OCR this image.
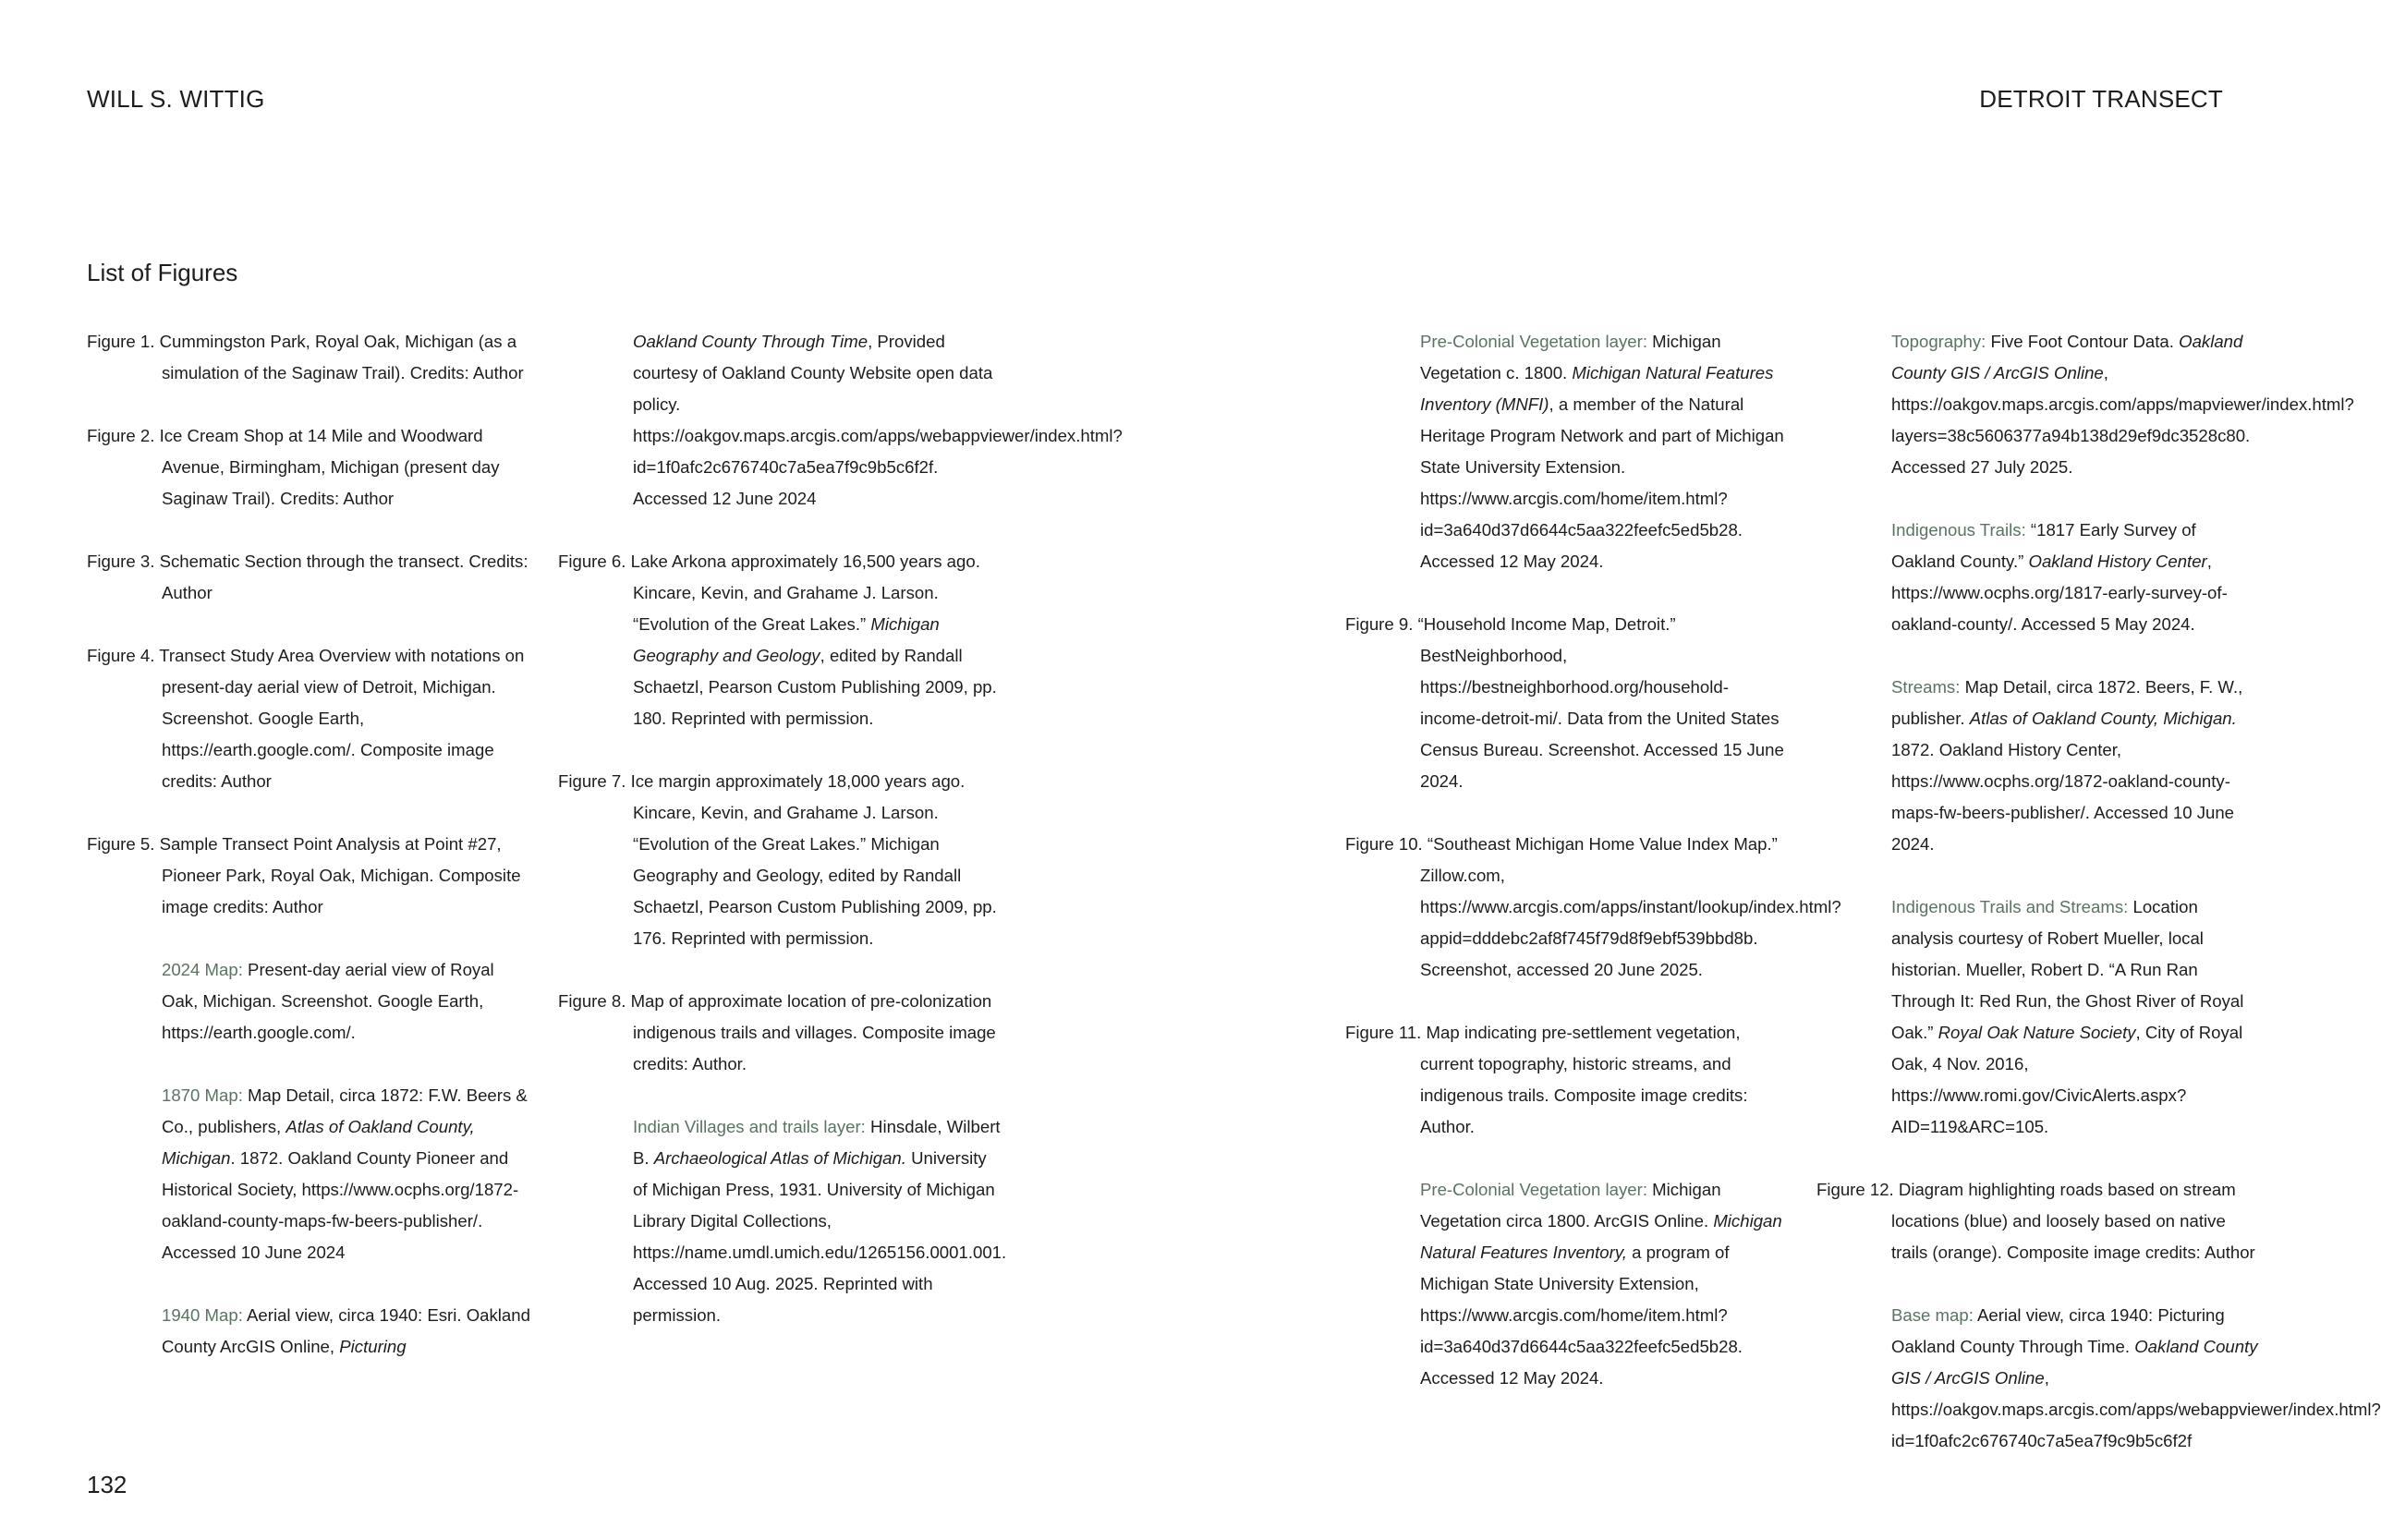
WILL S. WITTIG	DETROIT TRANSECT
List of Figures
Figure 1. Cummingston Park, Royal Oak, Michigan (as a simulation of the Saginaw Trail). Credits: Author
Figure 2. Ice Cream Shop at 14 Mile and Woodward Avenue, Birmingham, Michigan (present day Saginaw Trail). Credits: Author
Figure 3. Schematic Section through the transect. Credits: Author
Figure 4. Transect Study Area Overview with notations on present-day aerial view of Detroit, Michigan. Screenshot. Google Earth, https://earth.google.com/. Composite image credits: Author
Figure 5. Sample Transect Point Analysis at Point #27, Pioneer Park, Royal Oak, Michigan. Composite image credits: Author
2024 Map: Present-day aerial view of Royal Oak, Michigan. Screenshot. Google Earth, https://earth.google.com/.
1870 Map: Map Detail, circa 1872: F.W. Beers & Co., publishers, Atlas of Oakland County, Michigan. 1872. Oakland County Pioneer and Historical Society, https://www.ocphs.org/1872-oakland-county-maps-fw-beers-publisher/. Accessed 10 June 2024
1940 Map: Aerial view, circa 1940: Esri. Oakland County ArcGIS Online, Picturing
Oakland County Through Time, Provided courtesy of Oakland County Website open data policy. https://oakgov.maps.arcgis.com/apps/webappviewer/index.html?id=1f0afc2c676740c7a5ea7f9c9b5c6f2f. Accessed 12 June 2024
Figure 6. Lake Arkona approximately 16,500 years ago. Kincare, Kevin, and Grahame J. Larson. “Evolution of the Great Lakes.” Michigan Geography and Geology, edited by Randall Schaetzl, Pearson Custom Publishing 2009, pp. 180. Reprinted with permission.
Figure 7. Ice margin approximately 18,000 years ago. Kincare, Kevin, and Grahame J. Larson. “Evolution of the Great Lakes.” Michigan Geography and Geology, edited by Randall Schaetzl, Pearson Custom Publishing 2009, pp. 176. Reprinted with permission.
Figure 8. Map of approximate location of pre-colonization indigenous trails and villages. Composite image credits: Author.
Indian Villages and trails layer: Hinsdale, Wilbert B. Archaeological Atlas of Michigan. University of Michigan Press, 1931. University of Michigan Library Digital Collections, https://name.umdl.umich.edu/1265156.0001.001. Accessed 10 Aug. 2025. Reprinted with permission.
Pre-Colonial Vegetation layer: Michigan Vegetation c. 1800. Michigan Natural Features Inventory (MNFI), a member of the Natural Heritage Program Network and part of Michigan State University Extension. https://www.arcgis.com/home/item.html?id=3a640d37d6644c5aa322feefc5ed5b28. Accessed 12 May 2024.
Figure 9. “Household Income Map, Detroit.” BestNeighborhood, https://bestneighborhood.org/household-income-detroit-mi/. Data from the United States Census Bureau. Screenshot. Accessed 15 June 2024.
Figure 10. “Southeast Michigan Home Value Index Map.” Zillow.com, https://www.arcgis.com/apps/instant/lookup/index.html?appid=dddebc2af8f745f79d8f9ebf539bbd8b. Screenshot, accessed 20 June 2025.
Figure 11. Map indicating pre-settlement vegetation, current topography, historic streams, and indigenous trails. Composite image credits: Author.
Pre-Colonial Vegetation layer: Michigan Vegetation circa 1800. ArcGIS Online. Michigan Natural Features Inventory, a program of Michigan State University Extension, https://www.arcgis.com/home/item.html?id=3a640d37d6644c5aa322feefc5ed5b28. Accessed 12 May 2024.
Topography: Five Foot Contour Data. Oakland County GIS / ArcGIS Online, https://oakgov.maps.arcgis.com/apps/mapviewer/index.html?layers=38c5606377a94b138d29ef9dc3528c80. Accessed 27 July 2025.
Indigenous Trails: “1817 Early Survey of Oakland County.” Oakland History Center, https://www.ocphs.org/1817-early-survey-of-oakland-county/. Accessed 5 May 2024.
Streams: Map Detail, circa 1872. Beers, F. W., publisher. Atlas of Oakland County, Michigan. 1872. Oakland History Center, https://www.ocphs.org/1872-oakland-county-maps-fw-beers-publisher/. Accessed 10 June 2024.
Indigenous Trails and Streams: Location analysis courtesy of Robert Mueller, local historian. Mueller, Robert D. “A Run Ran Through It: Red Run, the Ghost River of Royal Oak.” Royal Oak Nature Society, City of Royal Oak, 4 Nov. 2016, https://www.romi.gov/CivicAlerts.aspx?AID=119&ARC=105.
Figure 12. Diagram highlighting roads based on stream locations (blue) and loosely based on native trails (orange). Composite image credits: Author
Base map: Aerial view, circa 1940: Picturing Oakland County Through Time. Oakland County GIS / ArcGIS Online, https://oakgov.maps.arcgis.com/apps/webappviewer/index.html?id=1f0afc2c676740c7a5ea7f9c9b5c6f2f
132
